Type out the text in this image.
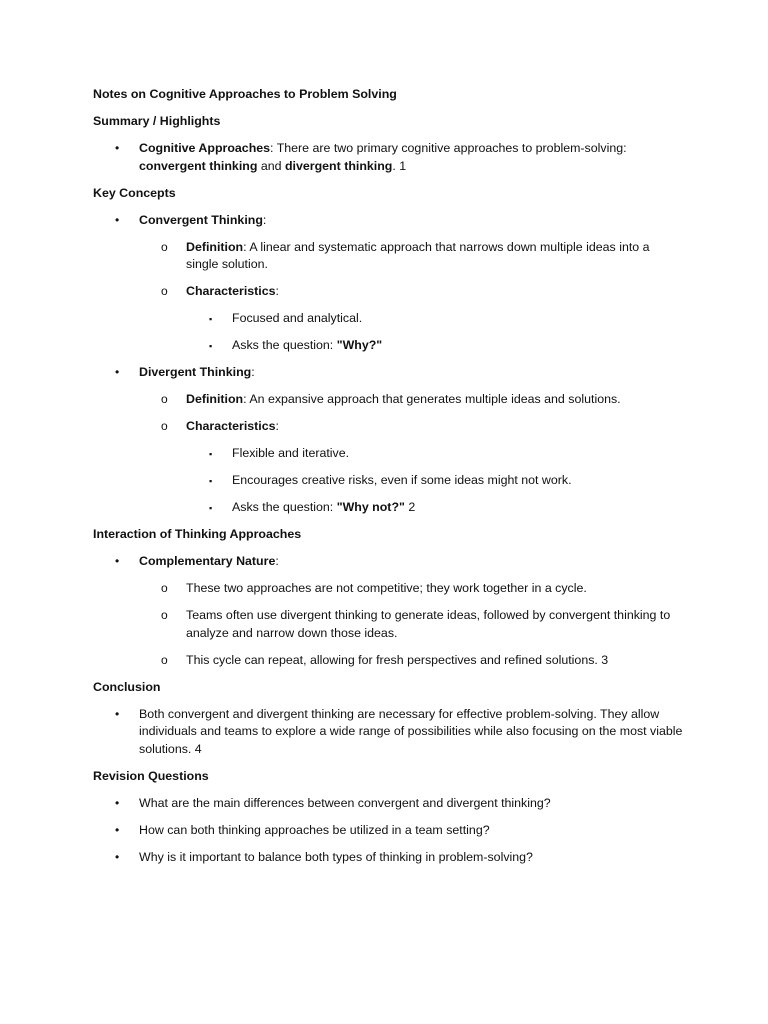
Notes on Cognitive Approaches to Problem Solving
Summary / Highlights
• Cognitive Approaches: There are two primary cognitive approaches to problem-solving: convergent thinking and divergent thinking. 1
Key Concepts
• Convergent Thinking:
o Definition: A linear and systematic approach that narrows down multiple ideas into a single solution.
o Characteristics:
▪ Focused and analytical.
▪ Asks the question: "Why?"
• Divergent Thinking:
o Definition: An expansive approach that generates multiple ideas and solutions.
o Characteristics:
▪ Flexible and iterative.
▪ Encourages creative risks, even if some ideas might not work.
▪ Asks the question: "Why not?" 2
Interaction of Thinking Approaches
• Complementary Nature:
o These two approaches are not competitive; they work together in a cycle.
o Teams often use divergent thinking to generate ideas, followed by convergent thinking to analyze and narrow down those ideas.
o This cycle can repeat, allowing for fresh perspectives and refined solutions. 3
Conclusion
• Both convergent and divergent thinking are necessary for effective problem-solving. They allow individuals and teams to explore a wide range of possibilities while also focusing on the most viable solutions. 4
Revision Questions
• What are the main differences between convergent and divergent thinking?
• How can both thinking approaches be utilized in a team setting?
• Why is it important to balance both types of thinking in problem-solving?
